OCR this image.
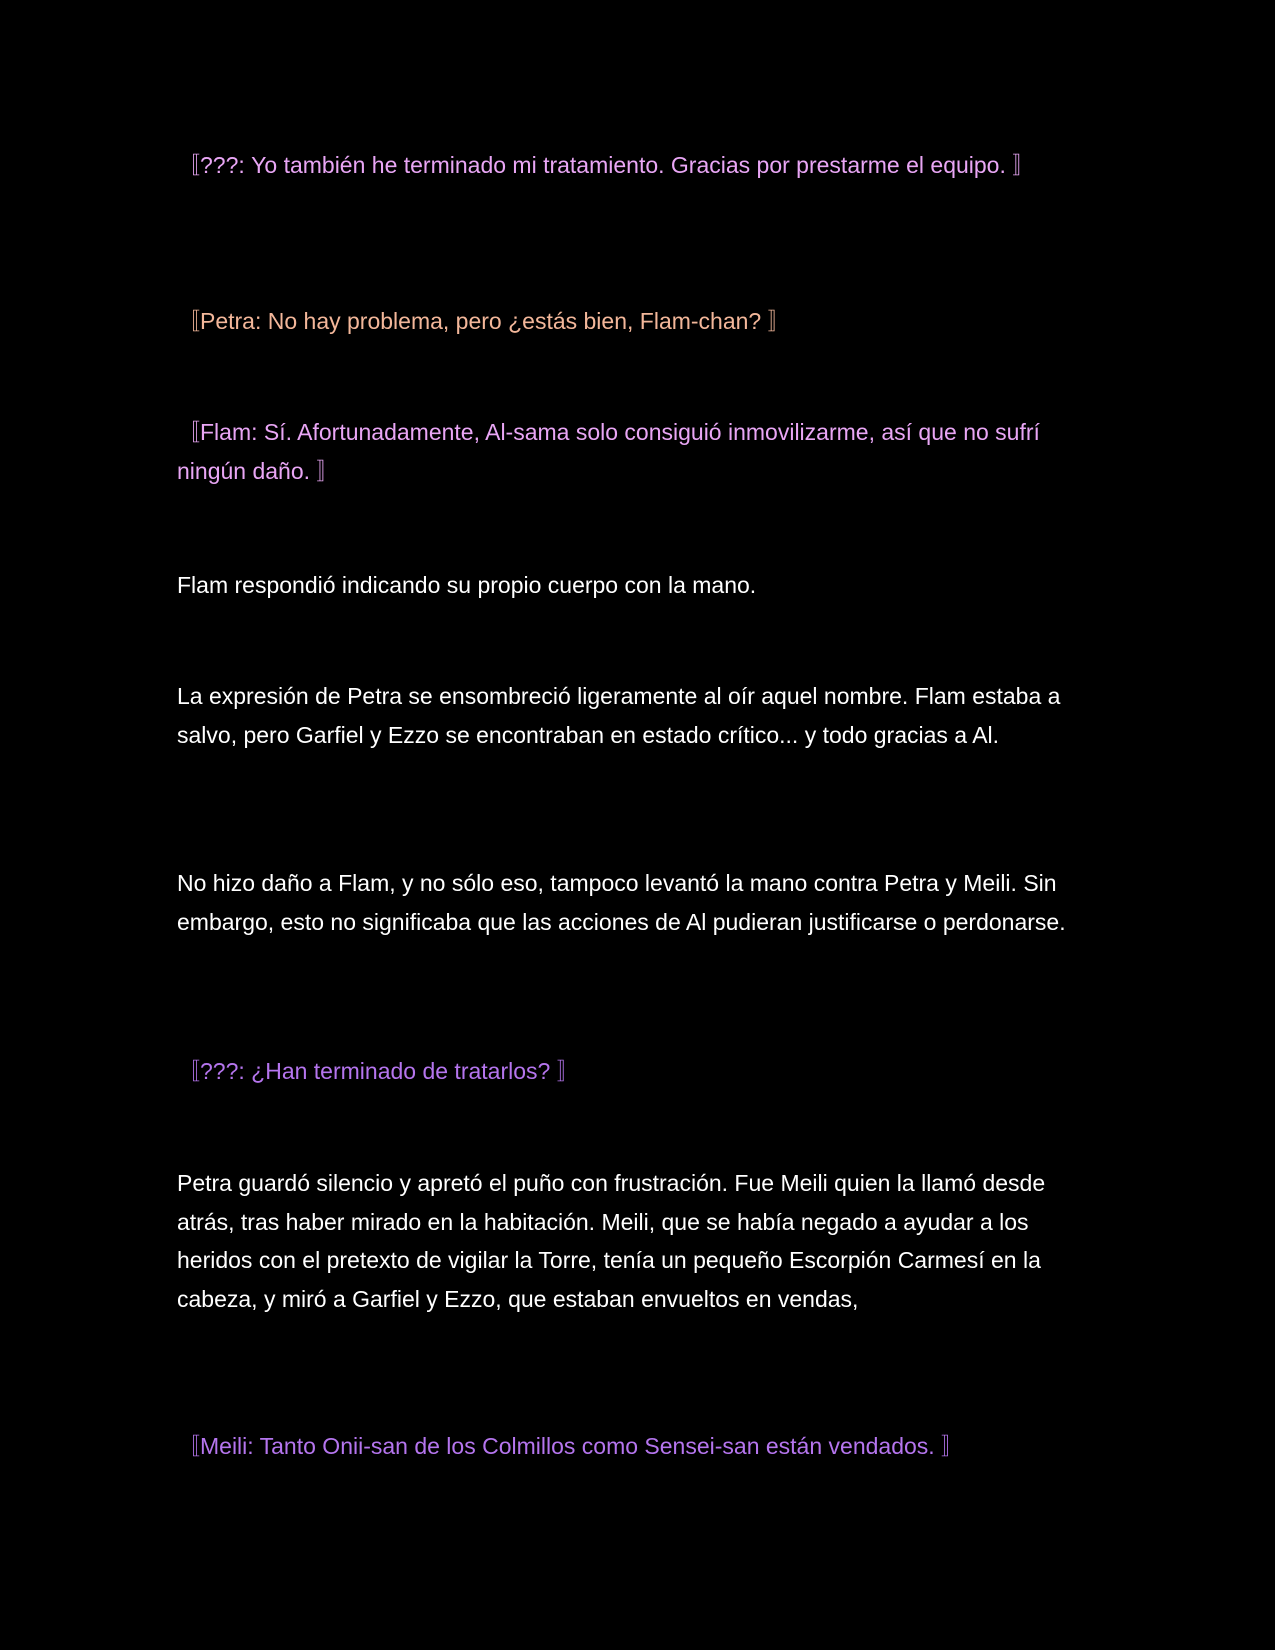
〚???: Yo también he terminado mi tratamiento. Gracias por prestarme el equipo. 〛

〚Petra: No hay problema, pero ¿estás bien, Flam-chan? 〛

〚Flam: Sí. Afortunadamente, Al-sama solo consiguió inmovilizarme, así que no sufrí ningún daño. 〛

Flam respondió indicando su propio cuerpo con la mano.

La expresión de Petra se ensombreció ligeramente al oír aquel nombre. Flam estaba a salvo, pero Garfiel y Ezzo se encontraban en estado crítico... y todo gracias a Al.

No hizo daño a Flam, y no sólo eso, tampoco levantó la mano contra Petra y Meili. Sin embargo, esto no significaba que las acciones de Al pudieran justificarse o perdonarse.

〚???: ¿Han terminado de tratarlos? 〛

Petra guardó silencio y apretó el puño con frustración. Fue Meili quien la llamó desde atrás, tras haber mirado en la habitación. Meili, que se había negado a ayudar a los heridos con el pretexto de vigilar la Torre, tenía un pequeño Escorpión Carmesí en la cabeza, y miró a Garfiel y Ezzo, que estaban envueltos en vendas,

〚Meili: Tanto Onii-san de los Colmillos como Sensei-san están vendados. 〛
